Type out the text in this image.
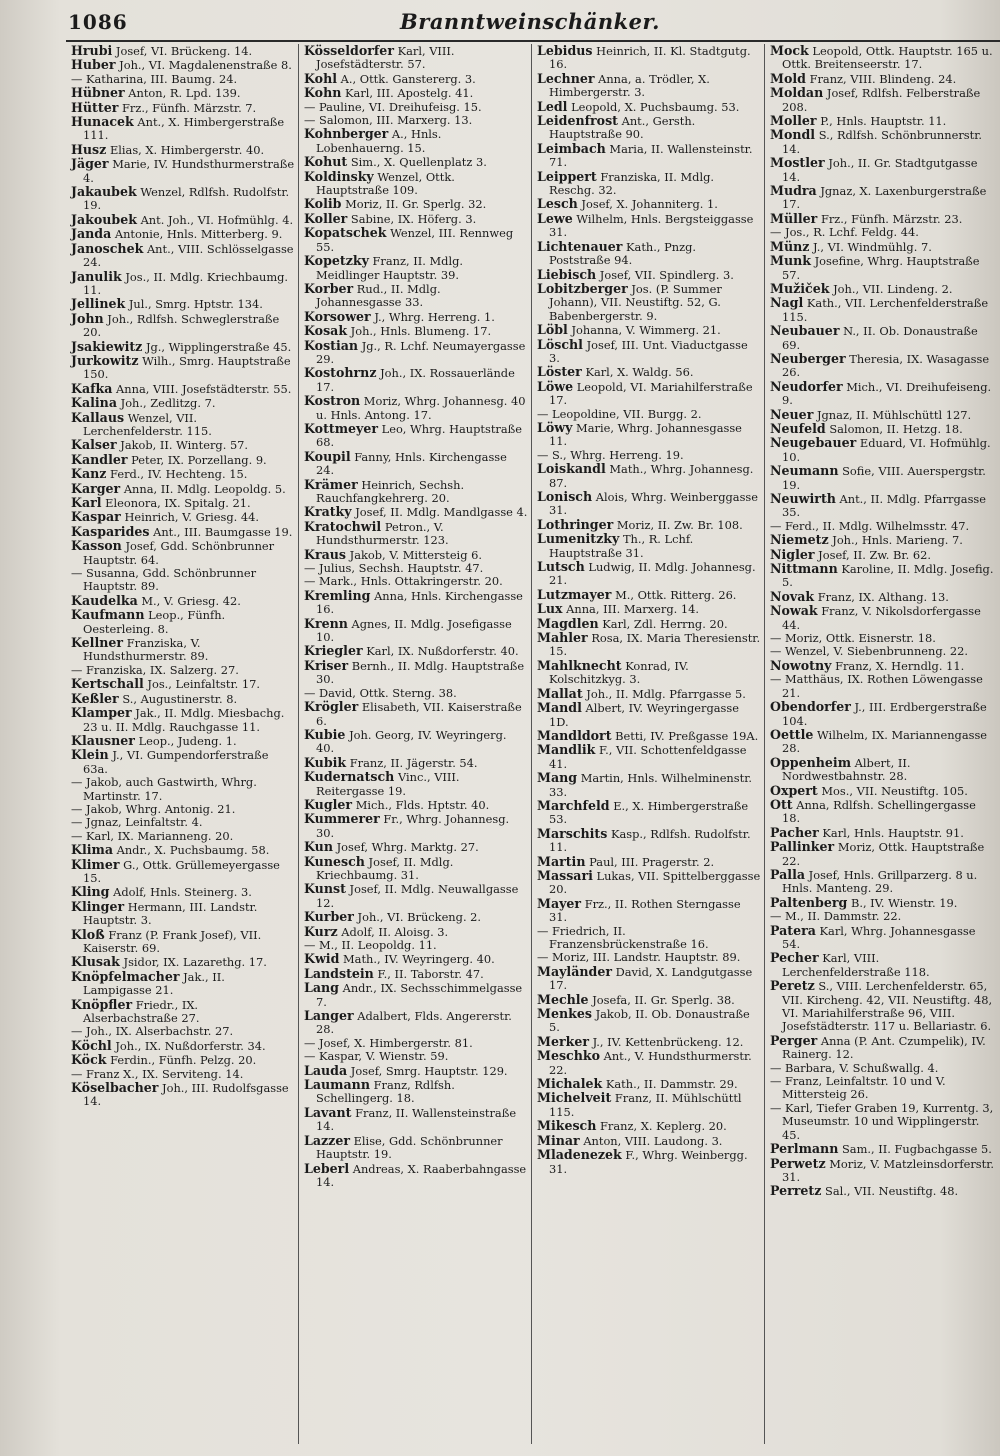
1086	Branntweinschänker.
Hrubi Josef, VI. Brückeng. 14.
Huber Joh., VI. Magdalenenstraße 8.
— Katharina, III. Baumg. 24.
Hübner Anton, R. Lpd. 139.
Hütter Frz., Fünfh. Märzstr. 7.
Hunacek Ant., X. Himbergerstraße 111.
Husz Elias, X. Himbergerstr. 40.
Jäger Marie, IV. Hundsthurmerstraße 4.
Jakaubek Wenzel, Rdlfsh. Rudolfstr. 19.
Jakoubek Ant. Joh., VI. Hofmühlg. 4.
Janda Antonie, Hnls. Mitterberg. 9.
Janoschek Ant., VIII. Schlösselgasse 24.
Janulik Jos., II. Mdlg. Kriechbaumg. 11.
Jellinek Jul., Smrg. Hptstr. 134.
John Joh., Rdlfsh. Schweglerstraße 20.
Jsakiewitz Jg., Wipplingerstraße 45.
Jurkowitz Wilh., Smrg. Hauptstraße 150.
Kafka Anna, VIII. Josefstädterstr. 55.
Kalina Joh., Zedlitzg. 7.
Kallaus Wenzel, VII. Lerchenfelderstr. 115.
Kalser Jakob, II. Winterg. 57.
Kandler Peter, IX. Porzellang. 9.
Kanz Ferd., IV. Hechteng. 15.
Karger Anna, II. Mdlg. Leopoldg. 5.
Karl Eleonora, IX. Spitalg. 21.
Kaspar Heinrich, V. Griesg. 44.
Kasparides Ant., III. Baumgasse 19.
Kasson Josef, Gdd. Schönbrunner Hauptstr. 64.
— Susanna, Gdd. Schönbrunner Hauptstr. 89.
Kaudelka M., V. Griesg. 42.
Kaufmann Leop., Fünfh. Oesterleing. 8.
Kellner Franziska, V. Hundsthurmerstr. 89.
— Franziska, IX. Salzerg. 27.
Kertschall Jos., Leinfaltstr. 17.
Keßler S., Augustinerstr. 8.
Klamper Jak., II. Mdlg. Miesbachg. 23 u. II. Mdlg. Rauchgasse 11.
Klausner Leop., Judeng. 1.
Klein J., VI. Gumpendorferstraße 63a.
— Jakob, auch Gastwirth, Whrg. Martinstr. 17.
— Jakob, Whrg. Antonig. 21.
— Jgnaz, Leinfaltstr. 4.
— Karl, IX. Marianneng. 20.
Klima Andr., X. Puchsbaumg. 58.
Klimer G., Ottk. Grüllemeyergasse 15.
Kling Adolf, Hnls. Steinerg. 3.
Klinger Hermann, III. Landstr. Hauptstr. 3.
Kloß Franz (P. Frank Josef), VII. Kaiserstr. 69.
Klusak Jsidor, IX. Lazarethg. 17.
Knöpfelmacher Jak., II. Lampigasse 21.
Knöpfler Friedr., IX. Alserbachstraße 27.
— Joh., IX. Alserbachstr. 27.
Köchl Joh., IX. Nußdorferstr. 34.
Köck Ferdin., Fünfh. Pelzg. 20.
— Franz X., IX. Serviteng. 14.
Köselbacher Joh., III. Rudolfsgasse 14.
Kösseldorfer Karl, VIII. Josefstädterstr. 57.
Kohl A., Ottk. Ganstererg. 3.
Kohn Karl, III. Apostelg. 41.
— Pauline, VI. Dreihufeisg. 15.
— Salomon, III. Marxerg. 13.
Kohnberger A., Hnls. Lobenhauerng. 15.
Kohut Sim., X. Quellenplatz 3.
Koldinsky Wenzel, Ottk. Hauptstraße 109.
Kolib Moriz, II. Gr. Sperlg. 32.
Koller Sabine, IX. Höferg. 3.
Kopatschek Wenzel, III. Rennweg 55.
Kopetzky Franz, II. Mdlg. Meidlinger Hauptstr. 39.
Korber Rud., II. Mdlg. Johannesgasse 33.
Korsower J., Whrg. Herreng. 1.
Kosak Joh., Hnls. Blumeng. 17.
Kostian Jg., R. Lchf. Neumayergasse 29.
Kostohrnz Joh., IX. Rossauerlände 17.
Kostron Moriz, Whrg. Johannesg. 40 u. Hnls. Antong. 17.
Kottmeyer Leo, Whrg. Hauptstraße 68.
Koupil Fanny, Hnls. Kirchengasse 24.
Krämer Heinrich, Sechsh. Rauchfangkehrerg. 20.
Kratky Josef, II. Mdlg. Mandlgasse 4.
Kratochwil Petron., V. Hundsthurmerstr. 123.
Kraus Jakob, V. Mittersteig 6.
— Julius, Sechsh. Hauptstr. 47.
— Mark., Hnls. Ottakringerstr. 20.
Kremling Anna, Hnls. Kirchengasse 16.
Krenn Agnes, II. Mdlg. Josefigasse 10.
Kriegler Karl, IX. Nußdorferstr. 40.
Kriser Bernh., II. Mdlg. Hauptstraße 30.
— David, Ottk. Sterng. 38.
Krögler Elisabeth, VII. Kaiserstraße 6.
Kubie Joh. Georg, IV. Weyringerg. 40.
Kubik Franz, II. Jägerstr. 54.
Kudernatsch Vinc., VIII. Reitergasse 19.
Kugler Mich., Flds. Hptstr. 40.
Kummerer Fr., Whrg. Johannesg. 30.
Kun Josef, Whrg. Marktg. 27.
Kunesch Josef, II. Mdlg. Kriechbaumg. 31.
Kunst Josef, II. Mdlg. Neuwallgasse 12.
Kurber Joh., VI. Brückeng. 2.
Kurz Adolf, II. Aloisg. 3.
— M., II. Leopoldg. 11.
Kwid Math., IV. Weyringerg. 40.
Landstein F., II. Taborstr. 47.
Lang Andr., IX. Sechsschimmelgasse 7.
Langer Adalbert, Flds. Angererstr. 28.
— Josef, X. Himbergerstr. 81.
— Kaspar, V. Wienstr. 59.
Lauda Josef, Smrg. Hauptstr. 129.
Laumann Franz, Rdlfsh. Schellingerg. 18.
Lavant Franz, II. Wallensteinstraße 14.
Lazzer Elise, Gdd. Schönbrunner Hauptstr. 19.
Leberl Andreas, X. Raaberbahngasse 14.
Lebidus Heinrich, II. Kl. Stadtgutg. 16.
Lechner Anna, a. Trödler, X. Himbergerstr. 3.
Ledl Leopold, X. Puchsbaumg. 53.
Leidenfrost Ant., Gersth. Hauptstraße 90.
Leimbach Maria, II. Wallensteinstr. 71.
Leippert Franziska, II. Mdlg. Reschg. 32.
Lesch Josef, X. Johanniterg. 1.
Lewe Wilhelm, Hnls. Bergsteiggasse 31.
Lichtenauer Kath., Pnzg. Poststraße 94.
Liebisch Josef, VII. Spindlerg. 3.
Lobitzberger Jos. (P. Summer Johann), VII. Neustiftg. 52, G. Babenbergerstr. 9.
Löbl Johanna, V. Wimmerg. 21.
Löschl Josef, III. Unt. Viaductgasse 3.
Löster Karl, X. Waldg. 56.
Löwe Leopold, VI. Mariahilferstraße 17.
— Leopoldine, VII. Burgg. 2.
Löwy Marie, Whrg. Johannesgasse 11.
— S., Whrg. Herreng. 19.
Loiskandl Math., Whrg. Johannesg. 87.
Lonisch Alois, Whrg. Weinberggasse 31.
Lothringer Moriz, II. Zw. Br. 108.
Lumenitzky Th., R. Lchf. Hauptstraße 31.
Lutsch Ludwig, II. Mdlg. Johannesg. 21.
Lutzmayer M., Ottk. Ritterg. 26.
Lux Anna, III. Marxerg. 14.
Magdlen Karl, Zdl. Herrng. 20.
Mahler Rosa, IX. Maria Theresienstr. 15.
Mahlknecht Konrad, IV. Kolschitzkyg. 3.
Mallat Joh., II. Mdlg. Pfarrgasse 5.
Mandl Albert, IV. Weyringergasse 1D.
Mandldort Betti, IV. Preßgasse 19A.
Mandlik F., VII. Schottenfeldgasse 41.
Mang Martin, Hnls. Wilhelminenstr. 33.
Marchfeld E., X. Himbergerstraße 53.
Marschits Kasp., Rdlfsh. Rudolfstr. 11.
Martin Paul, III. Pragerstr. 2.
Massari Lukas, VII. Spittelberggasse 20.
Mayer Frz., II. Rothen Sterngasse 31.
— Friedrich, II. Franzensbrückenstraße 16.
— Moriz, III. Landstr. Hauptstr. 89.
Mayländer David, X. Landgutgasse 17.
Mechle Josefa, II. Gr. Sperlg. 38.
Menkes Jakob, II. Ob. Donaustraße 5.
Merker J., IV. Kettenbrückeng. 12.
Meschko Ant., V. Hundsthurmerstr. 22.
Michalek Kath., II. Dammstr. 29.
Michelveit Franz, II. Mühlschüttl 115.
Mikesch Franz, X. Keplerg. 20.
Minar Anton, VIII. Laudong. 3.
Mladenezek F., Whrg. Weinbergg. 31.
Mock Leopold, Ottk. Hauptstr. 165 u. Ottk. Breitenseerstr. 17.
Mold Franz, VIII. Blindeng. 24.
Moldan Josef, Rdlfsh. Felberstraße 208.
Moller P., Hnls. Hauptstr. 11.
Mondl S., Rdlfsh. Schönbrunnerstr. 14.
Mostler Joh., II. Gr. Stadtgutgasse 14.
Mudra Jgnaz, X. Laxenburgerstraße 17.
Müller Frz., Fünfh. Märzstr. 23.
— Jos., R. Lchf. Feldg. 44.
Münz J., VI. Windmühlg. 7.
Munk Josefine, Whrg. Hauptstraße 57.
Mužiček Joh., VII. Lindeng. 2.
Nagl Kath., VII. Lerchenfelderstraße 115.
Neubauer N., II. Ob. Donaustraße 69.
Neuberger Theresia, IX. Wasagasse 26.
Neudorfer Mich., VI. Dreihufeiseng. 9.
Neuer Jgnaz, II. Mühlschüttl 127.
Neufeld Salomon, II. Hetzg. 18.
Neugebauer Eduard, VI. Hofmühlg. 10.
Neumann Sofie, VIII. Auerspergstr. 19.
Neuwirth Ant., II. Mdlg. Pfarrgasse 35.
— Ferd., II. Mdlg. Wilhelmsstr. 47.
Niemetz Joh., Hnls. Marieng. 7.
Nigler Josef, II. Zw. Br. 62.
Nittmann Karoline, II. Mdlg. Josefig. 5.
Novak Franz, IX. Althang. 13.
Nowak Franz, V. Nikolsdorfergasse 44.
— Moriz, Ottk. Eisnerstr. 18.
— Wenzel, V. Siebenbrunneng. 22.
Nowotny Franz, X. Herndlg. 11.
— Matthäus, IX. Rothen Löwengasse 21.
Obendorfer J., III. Erdbergerstraße 104.
Oettle Wilhelm, IX. Mariannengasse 28.
Oppenheim Albert, II. Nordwestbahnstr. 28.
Oxpert Mos., VII. Neustiftg. 105.
Ott Anna, Rdlfsh. Schellingergasse 18.
Pacher Karl, Hnls. Hauptstr. 91.
Pallinker Moriz, Ottk. Hauptstraße 22.
Palla Josef, Hnls. Grillparzerg. 8 u. Hnls. Manteng. 29.
Paltenberg B., IV. Wienstr. 19.
— M., II. Dammstr. 22.
Patera Karl, Whrg. Johannesgasse 54.
Pecher Karl, VIII. Lerchenfelderstraße 118.
Peretz S., VIII. Lerchenfelderstr. 65, VII. Kircheng. 42, VII. Neustiftg. 48, VI. Mariahilferstraße 96, VIII. Josefstädterstr. 117 u. Bellariastr. 6.
Perger Anna (P. Ant. Czumpelik), IV. Rainerg. 12.
— Barbara, V. Schußwallg. 4.
— Franz, Leinfaltstr. 10 und V. Mittersteig 26.
— Karl, Tiefer Graben 19, Kurrentg. 3, Museumstr. 10 und Wipplingerstr. 45.
Perlmann Sam., II. Fugbachgasse 5.
Perwetz Moriz, V. Matzleinsdorferstr. 31.
Perretz Sal., VII. Neustiftg. 48.
